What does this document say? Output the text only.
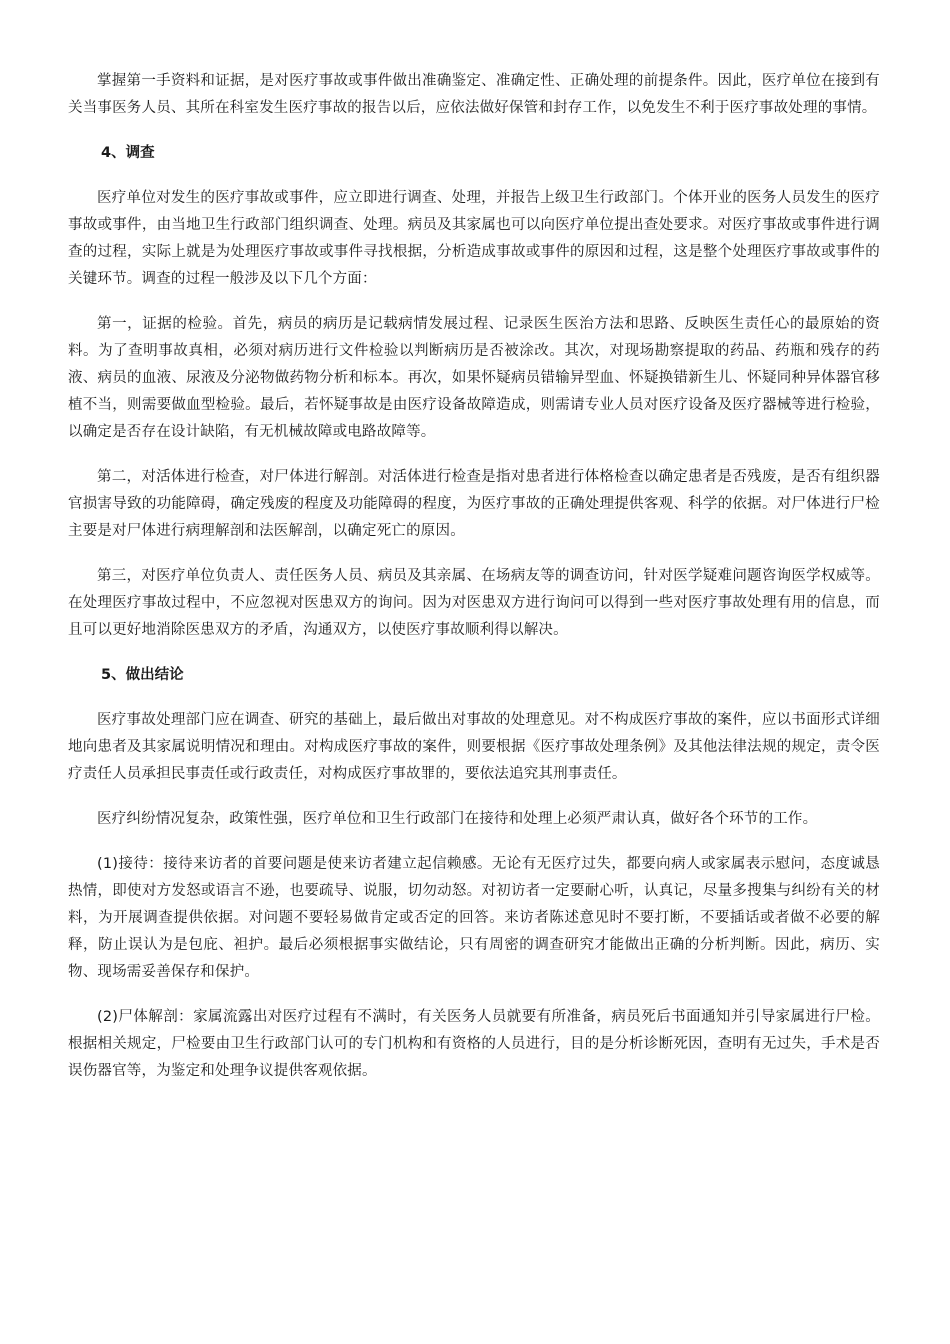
掌握第一手资料和证据，是对医疗事故或事件做出准确鉴定、准确定性、正确处理的前提条件。因此，医疗单位在接到有关当事医务人员、其所在科室发生医疗事故的报告以后，应依法做好保管和封存工作，以免发生不利于医疗事故处理的事情。

4、调查

医疗单位对发生的医疗事故或事件，应立即进行调查、处理，并报告上级卫生行政部门。个体开业的医务人员发生的医疗事故或事件，由当地卫生行政部门组织调查、处理。病员及其家属也可以向医疗单位提出查处要求。对医疗事故或事件进行调查的过程，实际上就是为处理医疗事故或事件寻找根据，分析造成事故或事件的原因和过程，这是整个处理医疗事故或事件的关键环节。调查的过程一般涉及以下几个方面：

第一，证据的检验。首先，病员的病历是记载病情发展过程、记录医生医治方法和思路、反映医生责任心的最原始的资料。为了查明事故真相，必须对病历进行文件检验以判断病历是否被涂改。其次，对现场勘察提取的药品、药瓶和残存的药液、病员的血液、尿液及分泌物做药物分析和标本。再次，如果怀疑病员错输异型血、怀疑换错新生儿、怀疑同种异体器官移植不当，则需要做血型检验。最后，若怀疑事故是由医疗设备故障造成，则需请专业人员对医疗设备及医疗器械等进行检验，以确定是否存在设计缺陷，有无机械故障或电路故障等。

第二，对活体进行检查，对尸体进行解剖。对活体进行检查是指对患者进行体格检查以确定患者是否残废，是否有组织器官损害导致的功能障碍，确定残废的程度及功能障碍的程度，为医疗事故的正确处理提供客观、科学的依据。对尸体进行尸检主要是对尸体进行病理解剖和法医解剖，以确定死亡的原因。

第三，对医疗单位负责人、责任医务人员、病员及其亲属、在场病友等的调查访问，针对医学疑难问题咨询医学权威等。在处理医疗事故过程中，不应忽视对医患双方的询问。因为对医患双方进行询问可以得到一些对医疗事故处理有用的信息，而且可以更好地消除医患双方的矛盾，沟通双方，以使医疗事故顺利得以解决。

5、做出结论

医疗事故处理部门应在调查、研究的基础上，最后做出对事故的处理意见。对不构成医疗事故的案件，应以书面形式详细地向患者及其家属说明情况和理由。对构成医疗事故的案件，则要根据《医疗事故处理条例》及其他法律法规的规定，责令医疗责任人员承担民事责任或行政责任，对构成医疗事故罪的，要依法追究其刑事责任。

医疗纠纷情况复杂，政策性强，医疗单位和卫生行政部门在接待和处理上必须严肃认真，做好各个环节的工作。

(1)接待：接待来访者的首要问题是使来访者建立起信赖感。无论有无医疗过失，都要向病人或家属表示慰问，态度诚恳热情，即使对方发怒或语言不逊，也要疏导、说服，切勿动怒。对初访者一定要耐心听，认真记，尽量多搜集与纠纷有关的材料，为开展调查提供依据。对问题不要轻易做肯定或否定的回答。来访者陈述意见时不要打断，不要插话或者做不必要的解释，防止误认为是包庇、袒护。最后必须根据事实做结论，只有周密的调查研究才能做出正确的分析判断。因此，病历、实物、现场需妥善保存和保护。

(2)尸体解剖：家属流露出对医疗过程有不满时，有关医务人员就要有所准备，病员死后书面通知并引导家属进行尸检。根据相关规定，尸检要由卫生行政部门认可的专门机构和有资格的人员进行，目的是分析诊断死因，查明有无过失，手术是否误伤器官等，为鉴定和处理争议提供客观依据。
